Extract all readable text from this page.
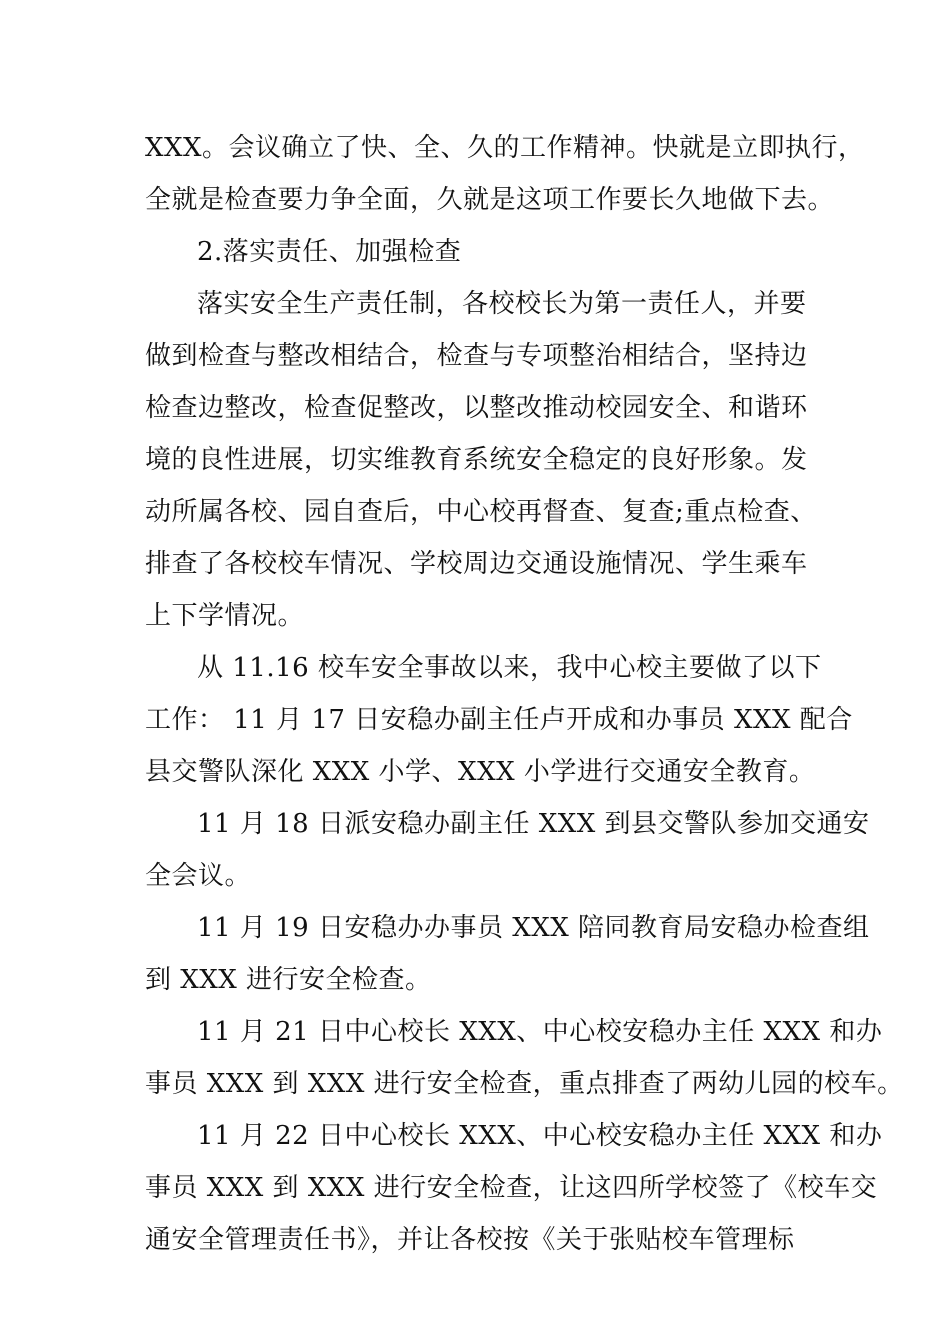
XXX。会议确立了快、全、久的工作精神。快就是立即执行，
全就是检查要力争全面，久就是这项工作要长久地做下去。
2.落实责任、加强检查
落实安全生产责任制，各校校长为第一责任人，并要
做到检查与整改相结合，检查与专项整治相结合，坚持边
检查边整改，检查促整改，以整改推动校园安全、和谐环
境的良性进展，切实维教育系统安全稳定的良好形象。发
动所属各校、园自查后，中心校再督查、复查;重点检查、
排查了各校校车情况、学校周边交通设施情况、学生乘车
上下学情况。
从 11.16 校车安全事故以来，我中心校主要做了以下
工作： 11 月 17 日安稳办副主任卢开成和办事员 XXX 配合
县交警队深化 XXX 小学、XXX 小学进行交通安全教育。
11 月 18 日派安稳办副主任 XXX 到县交警队参加交通安
全会议。
11 月 19 日安稳办办事员 XXX 陪同教育局安稳办检查组
到 XXX 进行安全检查。
11 月 21 日中心校长 XXX、中心校安稳办主任 XXX 和办
事员 XXX 到 XXX 进行安全检查，重点排查了两幼儿园的校车。
11 月 22 日中心校长 XXX、中心校安稳办主任 XXX 和办
事员 XXX 到 XXX 进行安全检查，让这四所学校签了《校车交
通安全管理责任书》，并让各校按《关于张贴校车管理标
